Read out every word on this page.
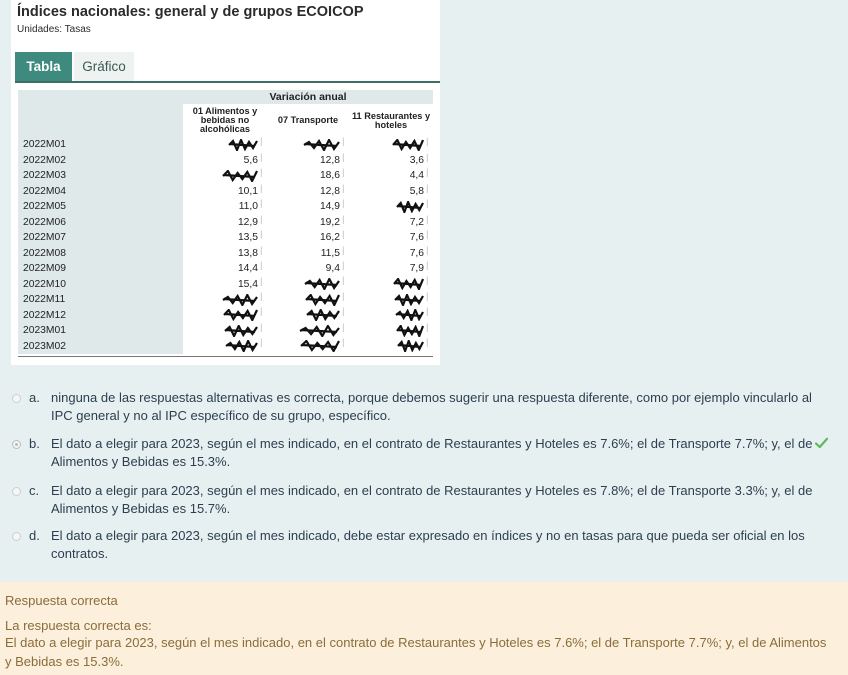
Índices nacionales: general y de grupos ECOICOP
Unidades: Tasas
Tabla	Gráfico
	Variación anual		
	01 Alimentos y bebidas no alcohólicas	07 Transporte	11 Restaurantes y hoteles
2022M01	 │	 │	 │
2022M02	5,6 │	12,8 │	3,6 │
2022M03	 │	18,6 │	4,4 │
2022M04	10,1 │	12,8 │	5,8 │
2022M05	11,0 │	14,9 │	 │
2022M06	12,9 │	19,2 │	7,2 │
2022M07	13,5 │	16,2 │	7,6 │
2022M08	13,8 │	11,5 │	7,6 │
2022M09	14,4 │	9,4 │	7,9 │
2022M10	15,4 │	 │	 │
2022M11	 │	 │	 │
2022M12	 │	 │	 │
2023M01	 │	 │	 │
2023M02	 │	 │	 │
a. ninguna de las respuestas alternativas es correcta, porque debemos sugerir una respuesta diferente, como por ejemplo vincularlo al IPC general y no al IPC específico de su grupo, específico.
b. El dato a elegir para 2023, según el mes indicado, en el contrato de Restaurantes y Hoteles es 7.6%; el de Transporte 7.7%; y, el de Alimentos y Bebidas es 15.3%.
c. El dato a elegir para 2023, según el mes indicado, en el contrato de Restaurantes y Hoteles es 7.8%; el de Transporte 3.3%; y, el de Alimentos y Bebidas es 15.7%.
d. El dato a elegir para 2023, según el mes indicado, debe estar expresado en índices y no en tasas para que pueda ser oficial en los contratos.
Respuesta correcta
La respuesta correcta es:
El dato a elegir para 2023, según el mes indicado, en el contrato de Restaurantes y Hoteles es 7.6%; el de Transporte 7.7%; y, el de Alimentos y Bebidas es 15.3%.
